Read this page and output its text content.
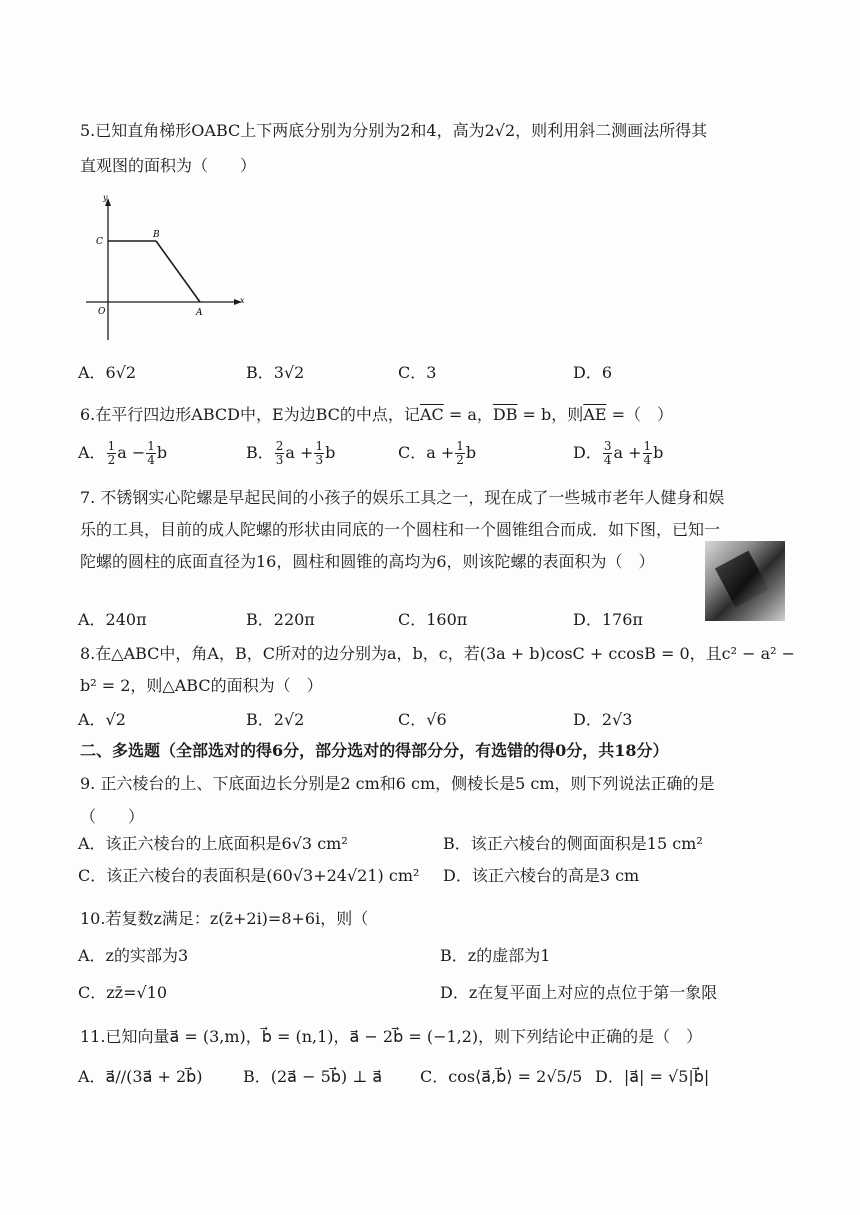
5.已知直角梯形OABC上下两底分别为分别为2和4，高为2√2，则利用斜二测画法所得其
直观图的面积为（　　）
y
x
C
B
O	A
A．6√2	B．3√2	C．3	D．6
6.在平行四边形ABCD中，E为边BC的中点，记$\overline{AC} = a$，$\overline{DB} = b$，则$\overline{AE}$ =（　）
A． $\frac{1}{2}$ $a - \frac{1}{4}$ b	B． $\frac{2}{3}$ $a + \frac{1}{3}$ b	C．$a + \frac{1}{2}$ b	D． $\frac{3}{4}$ $a + \frac{1}{4}$ b
7. 不锈钢实心陀螺是早起民间的小孩子的娱乐工具之一，现在成了一些城市老年人健身和娱
乐的工具，目前的成人陀螺的形状由同底的一个圆柱和一个圆锥组合而成．如下图，已知一
陀螺的圆柱的底面直径为16，圆柱和圆锥的高均为6，则该陀螺的表面积为（　）
A．240π	B．220π	C．160π	D．176π
8.在△ABC中，角A，B，C所对的边分别为a，b，c，若(3a + b)cosC + ccosB = 0，且c² − a² −
b² = 2，则△ABC的面积为（　）
A．√2	B．2√2	C．√6	D．2√3
二、多选题（全部选对的得6分，部分选对的得部分分，有选错的得0分，共18分）
9. 正六棱台的上、下底面边长分别是2 cm和6 cm，侧棱长是5 cm，则下列说法正确的是
（　　）
A．该正六棱台的上底面积是6√3 cm²	B．该正六棱台的侧面面积是15 cm²
C．该正六棱台的表面积是(60√3+24√21) cm² D．该正六棱台的高是3 cm
10.若复数z满足：z(z̄+2i)=8+6i，则（
A．z的实部为3	B．z的虚部为1
C．zz̄=√10	D．z在复平面上对应的点位于第一象限
11.已知向量a⃗ = (3,m)，b⃗ = (n,1)，a⃗ − 2b⃗ = (−1,2)，则下列结论中正确的是（　）
A．a⃗//(3a⃗ + 2b⃗)	B．(2a⃗ − 5b⃗) ⊥ a⃗ C．cos⟨a⃗,b⃗⟩ = 2√5/5 D．|a⃗| = √5|b⃗|
